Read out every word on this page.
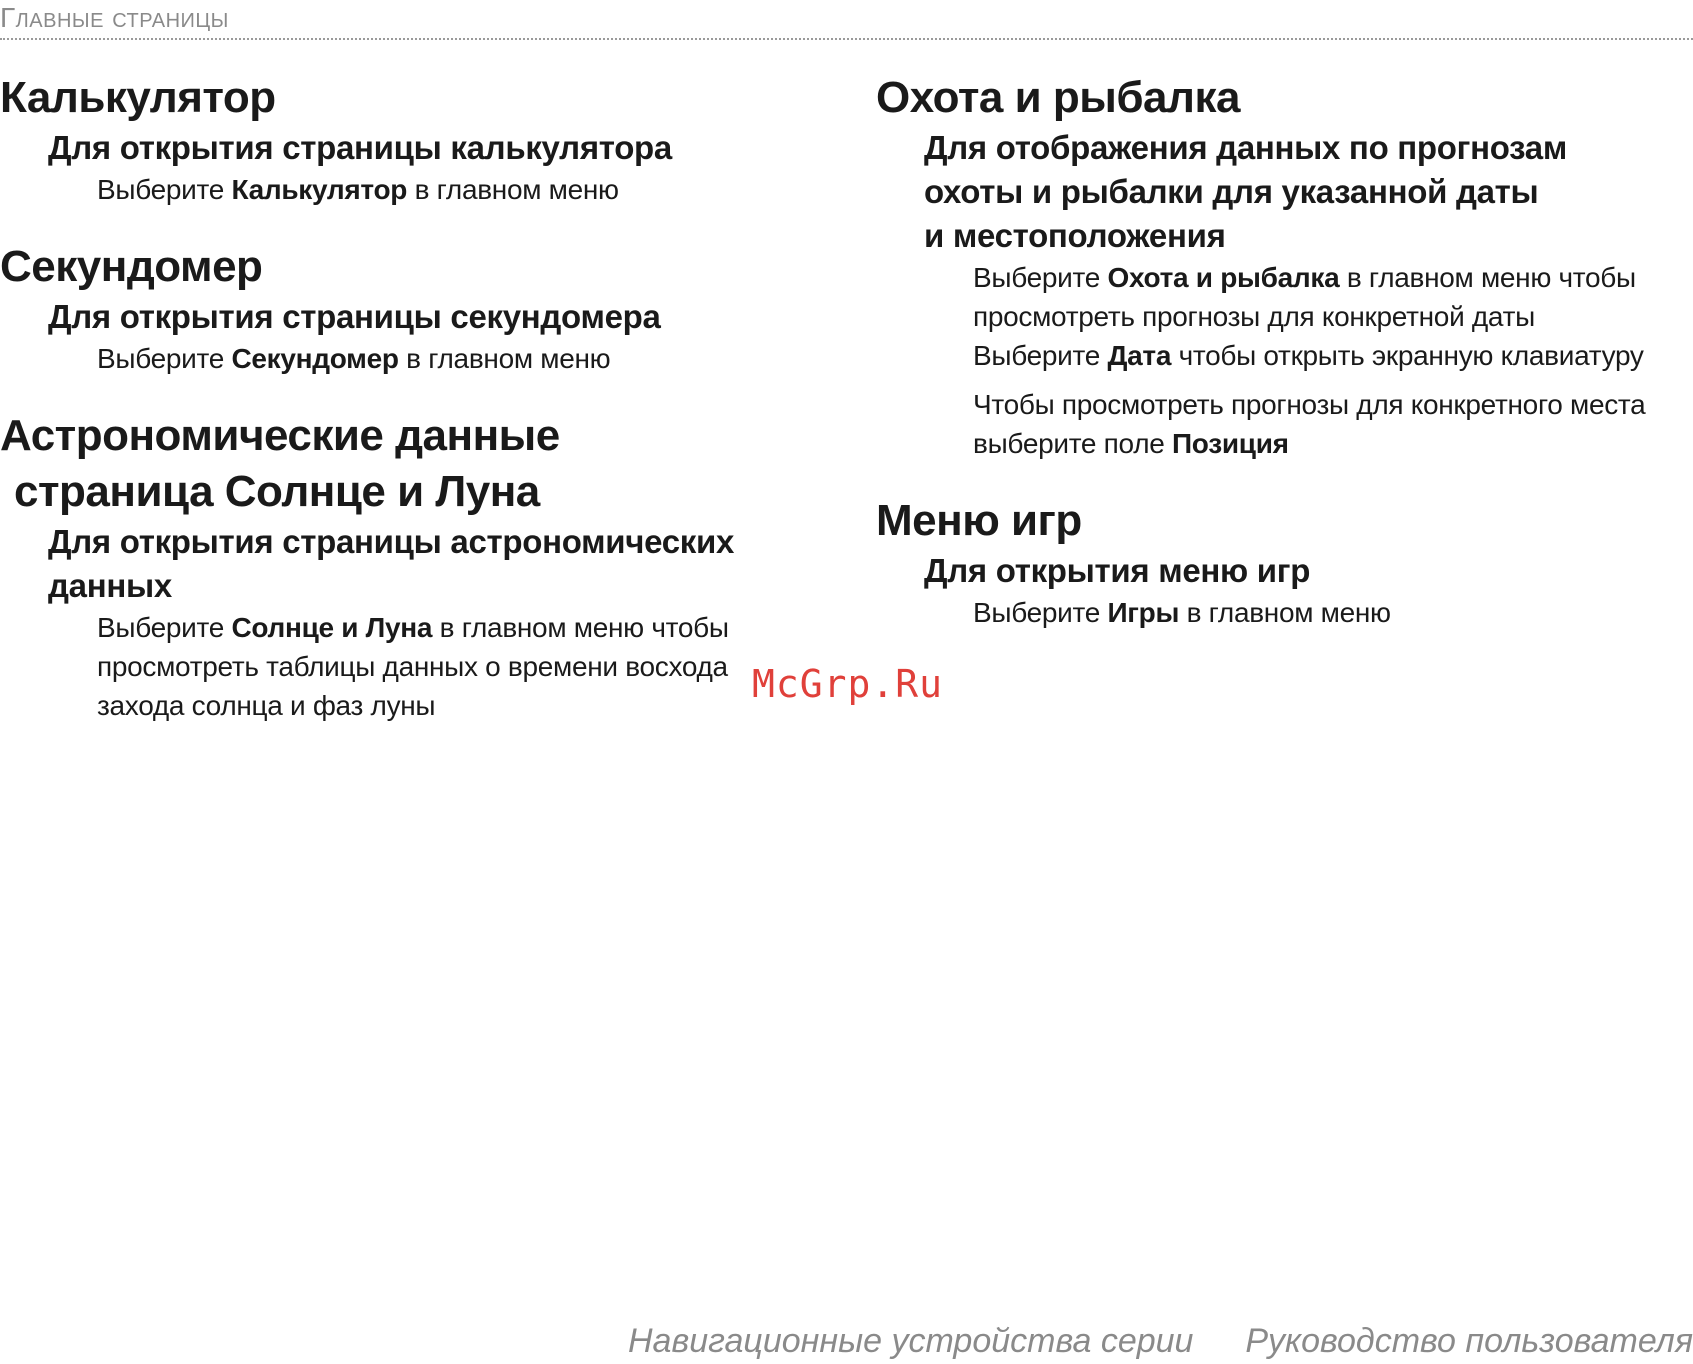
Главные страницы
Калькулятор
Для открытия страницы калькулятора

Выберите Калькулятор в главном меню

Секундомер
Для открытия страницы секундомера

Выберите Секундомер в главном меню

Астрономические данные
страница Солнце и Луна
Для открытия страницы астрономических
данных

Выберите Солнце и Луна в главном меню чтобы просмотреть таблицы данных о времени восхода захода солнца и фаз луны

Охота и рыбалка
Для отображения данных по прогнозам
охоты и рыбалки для указанной даты
и местоположения

Выберите Охота и рыбалка в главном меню чтобы просмотреть прогнозы для конкретной даты Выберите Дата чтобы открыть экранную клавиатуру

Чтобы просмотреть прогнозы для конкретного места выберите поле Позиция

Меню игр
Для открытия меню игр

Выберите Игры в главном меню

McGrp.Ru
Навигационные устройства серии Руководство пользователя
